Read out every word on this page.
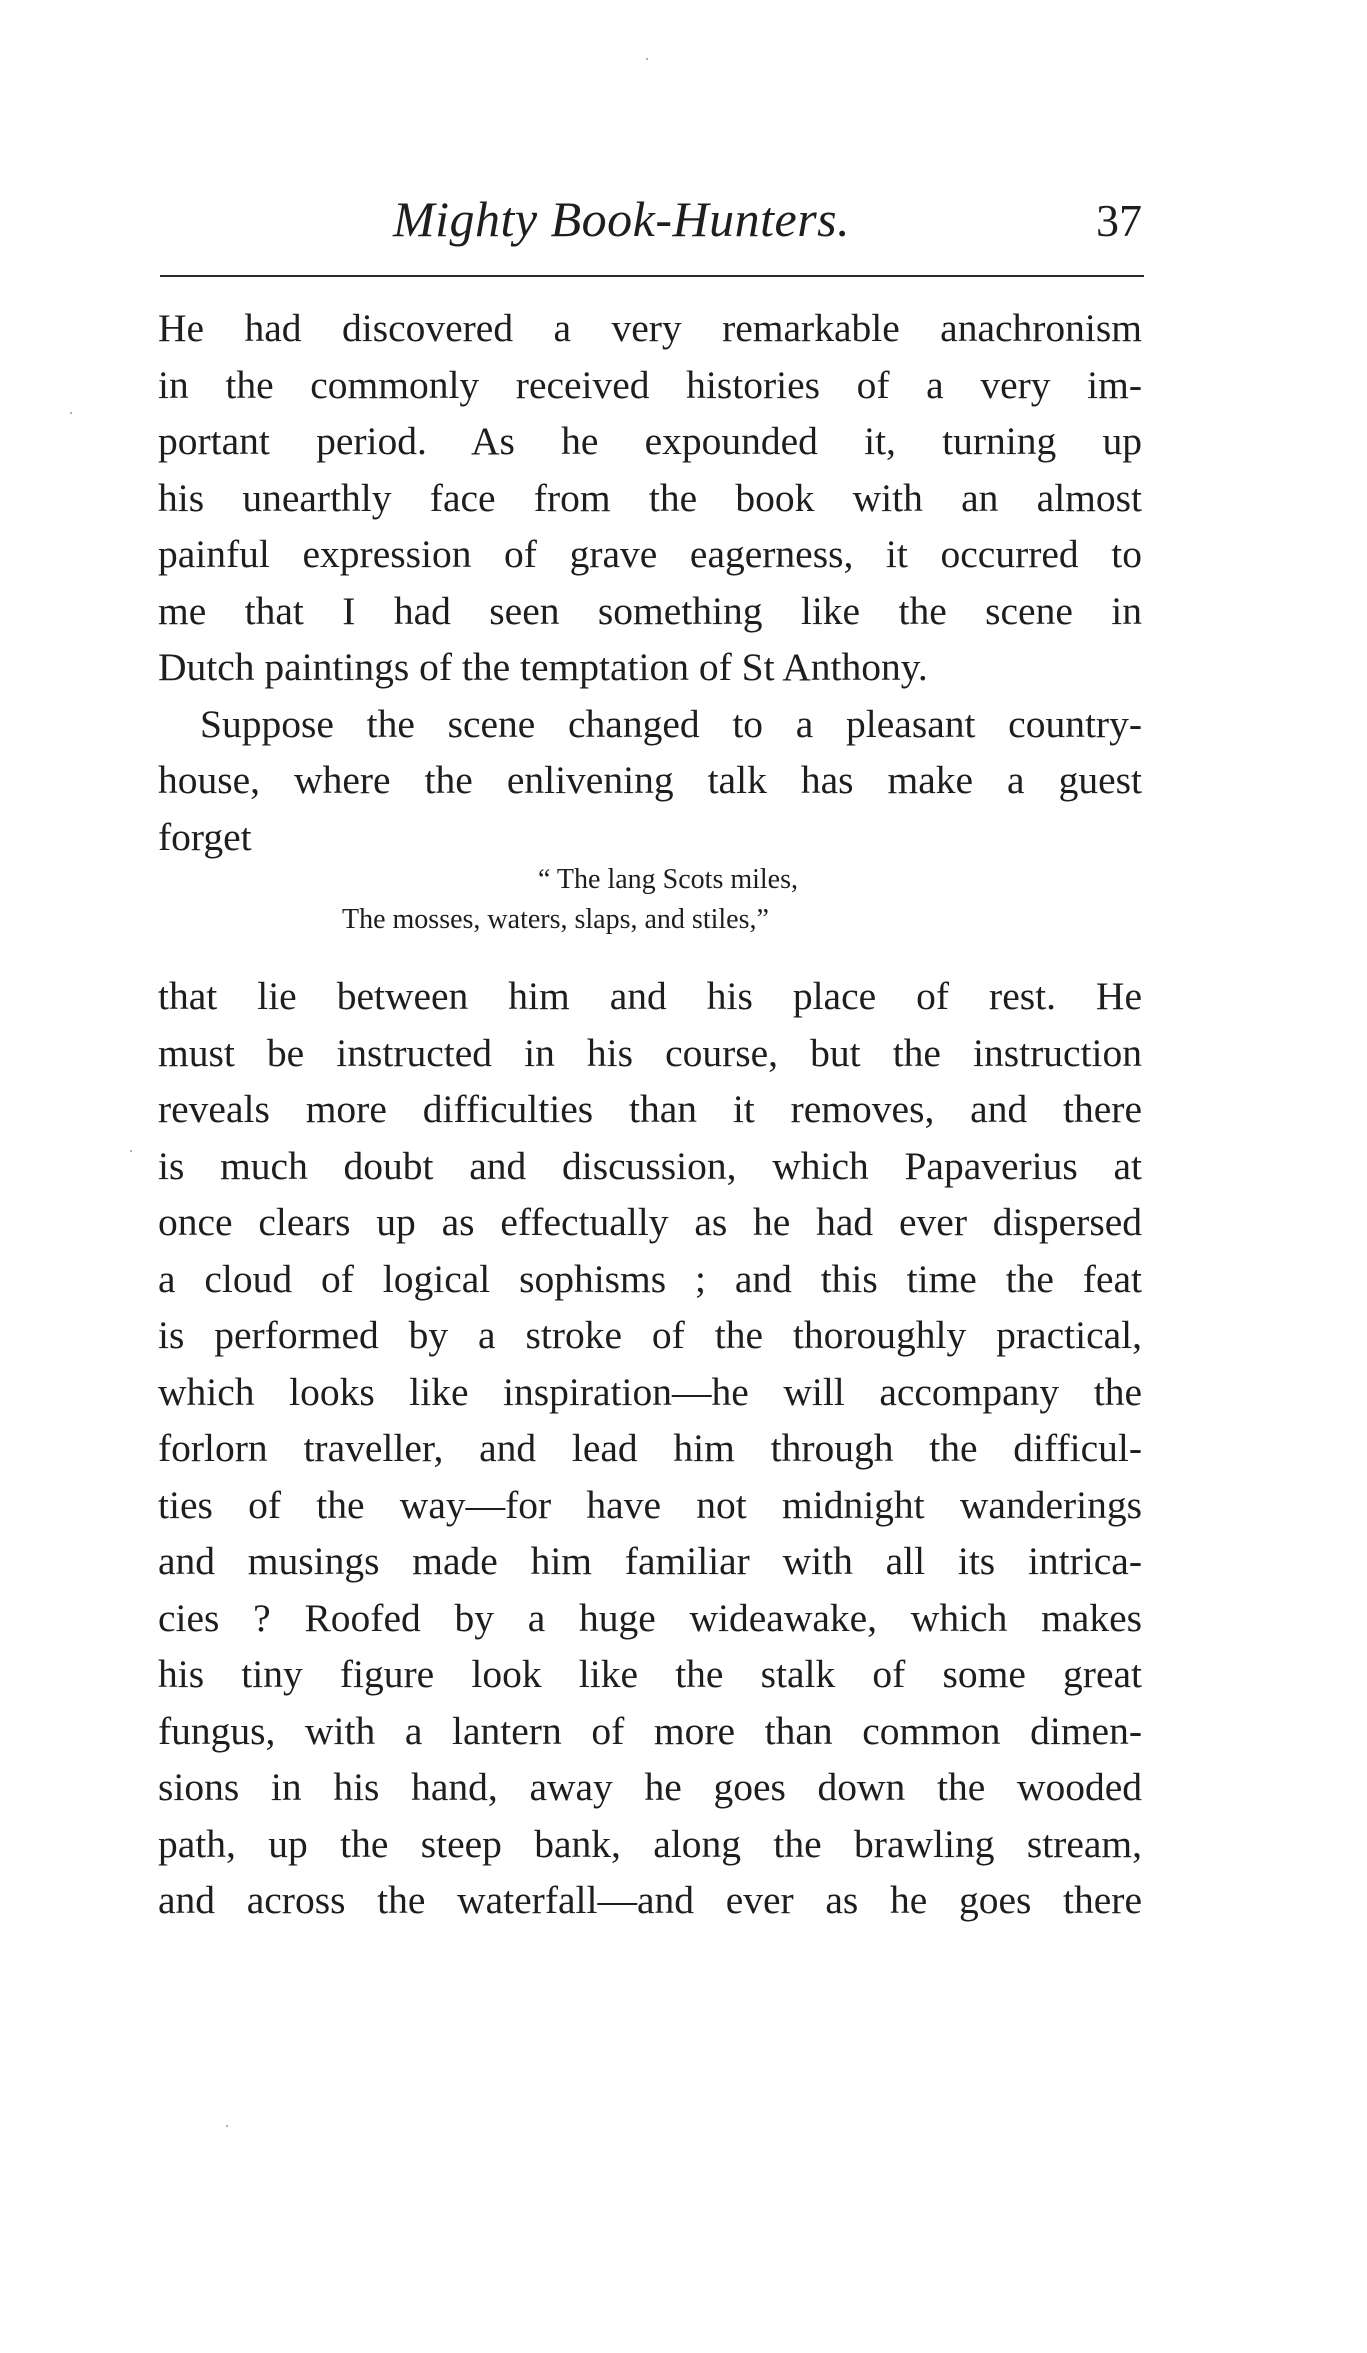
Mighty Book-Hunters.	37
He had discovered a very remarkable anachronism
in the commonly received histories of a very im-
portant period. As he expounded it, turning up
his unearthly face from the book with an almost
painful expression of grave eagerness, it occurred to
me that I had seen something like the scene in
Dutch paintings of the temptation of St Anthony.
Suppose the scene changed to a pleasant country-
house, where the enlivening talk has make a guest
forget
“ The lang Scots miles,
The mosses, waters, slaps, and stiles,”
that lie between him and his place of rest. He
must be instructed in his course, but the instruction
reveals more difficulties than it removes, and there
is much doubt and discussion, which Papaverius at
once clears up as effectually as he had ever dispersed
a cloud of logical sophisms ; and this time the feat
is performed by a stroke of the thoroughly practical,
which looks like inspiration—he will accompany the
forlorn traveller, and lead him through the difficul-
ties of the way—for have not midnight wanderings
and musings made him familiar with all its intrica-
cies ? Roofed by a huge wideawake, which makes
his tiny figure look like the stalk of some great
fungus, with a lantern of more than common dimen-
sions in his hand, away he goes down the wooded
path, up the steep bank, along the brawling stream,
and across the waterfall—and ever as he goes there
